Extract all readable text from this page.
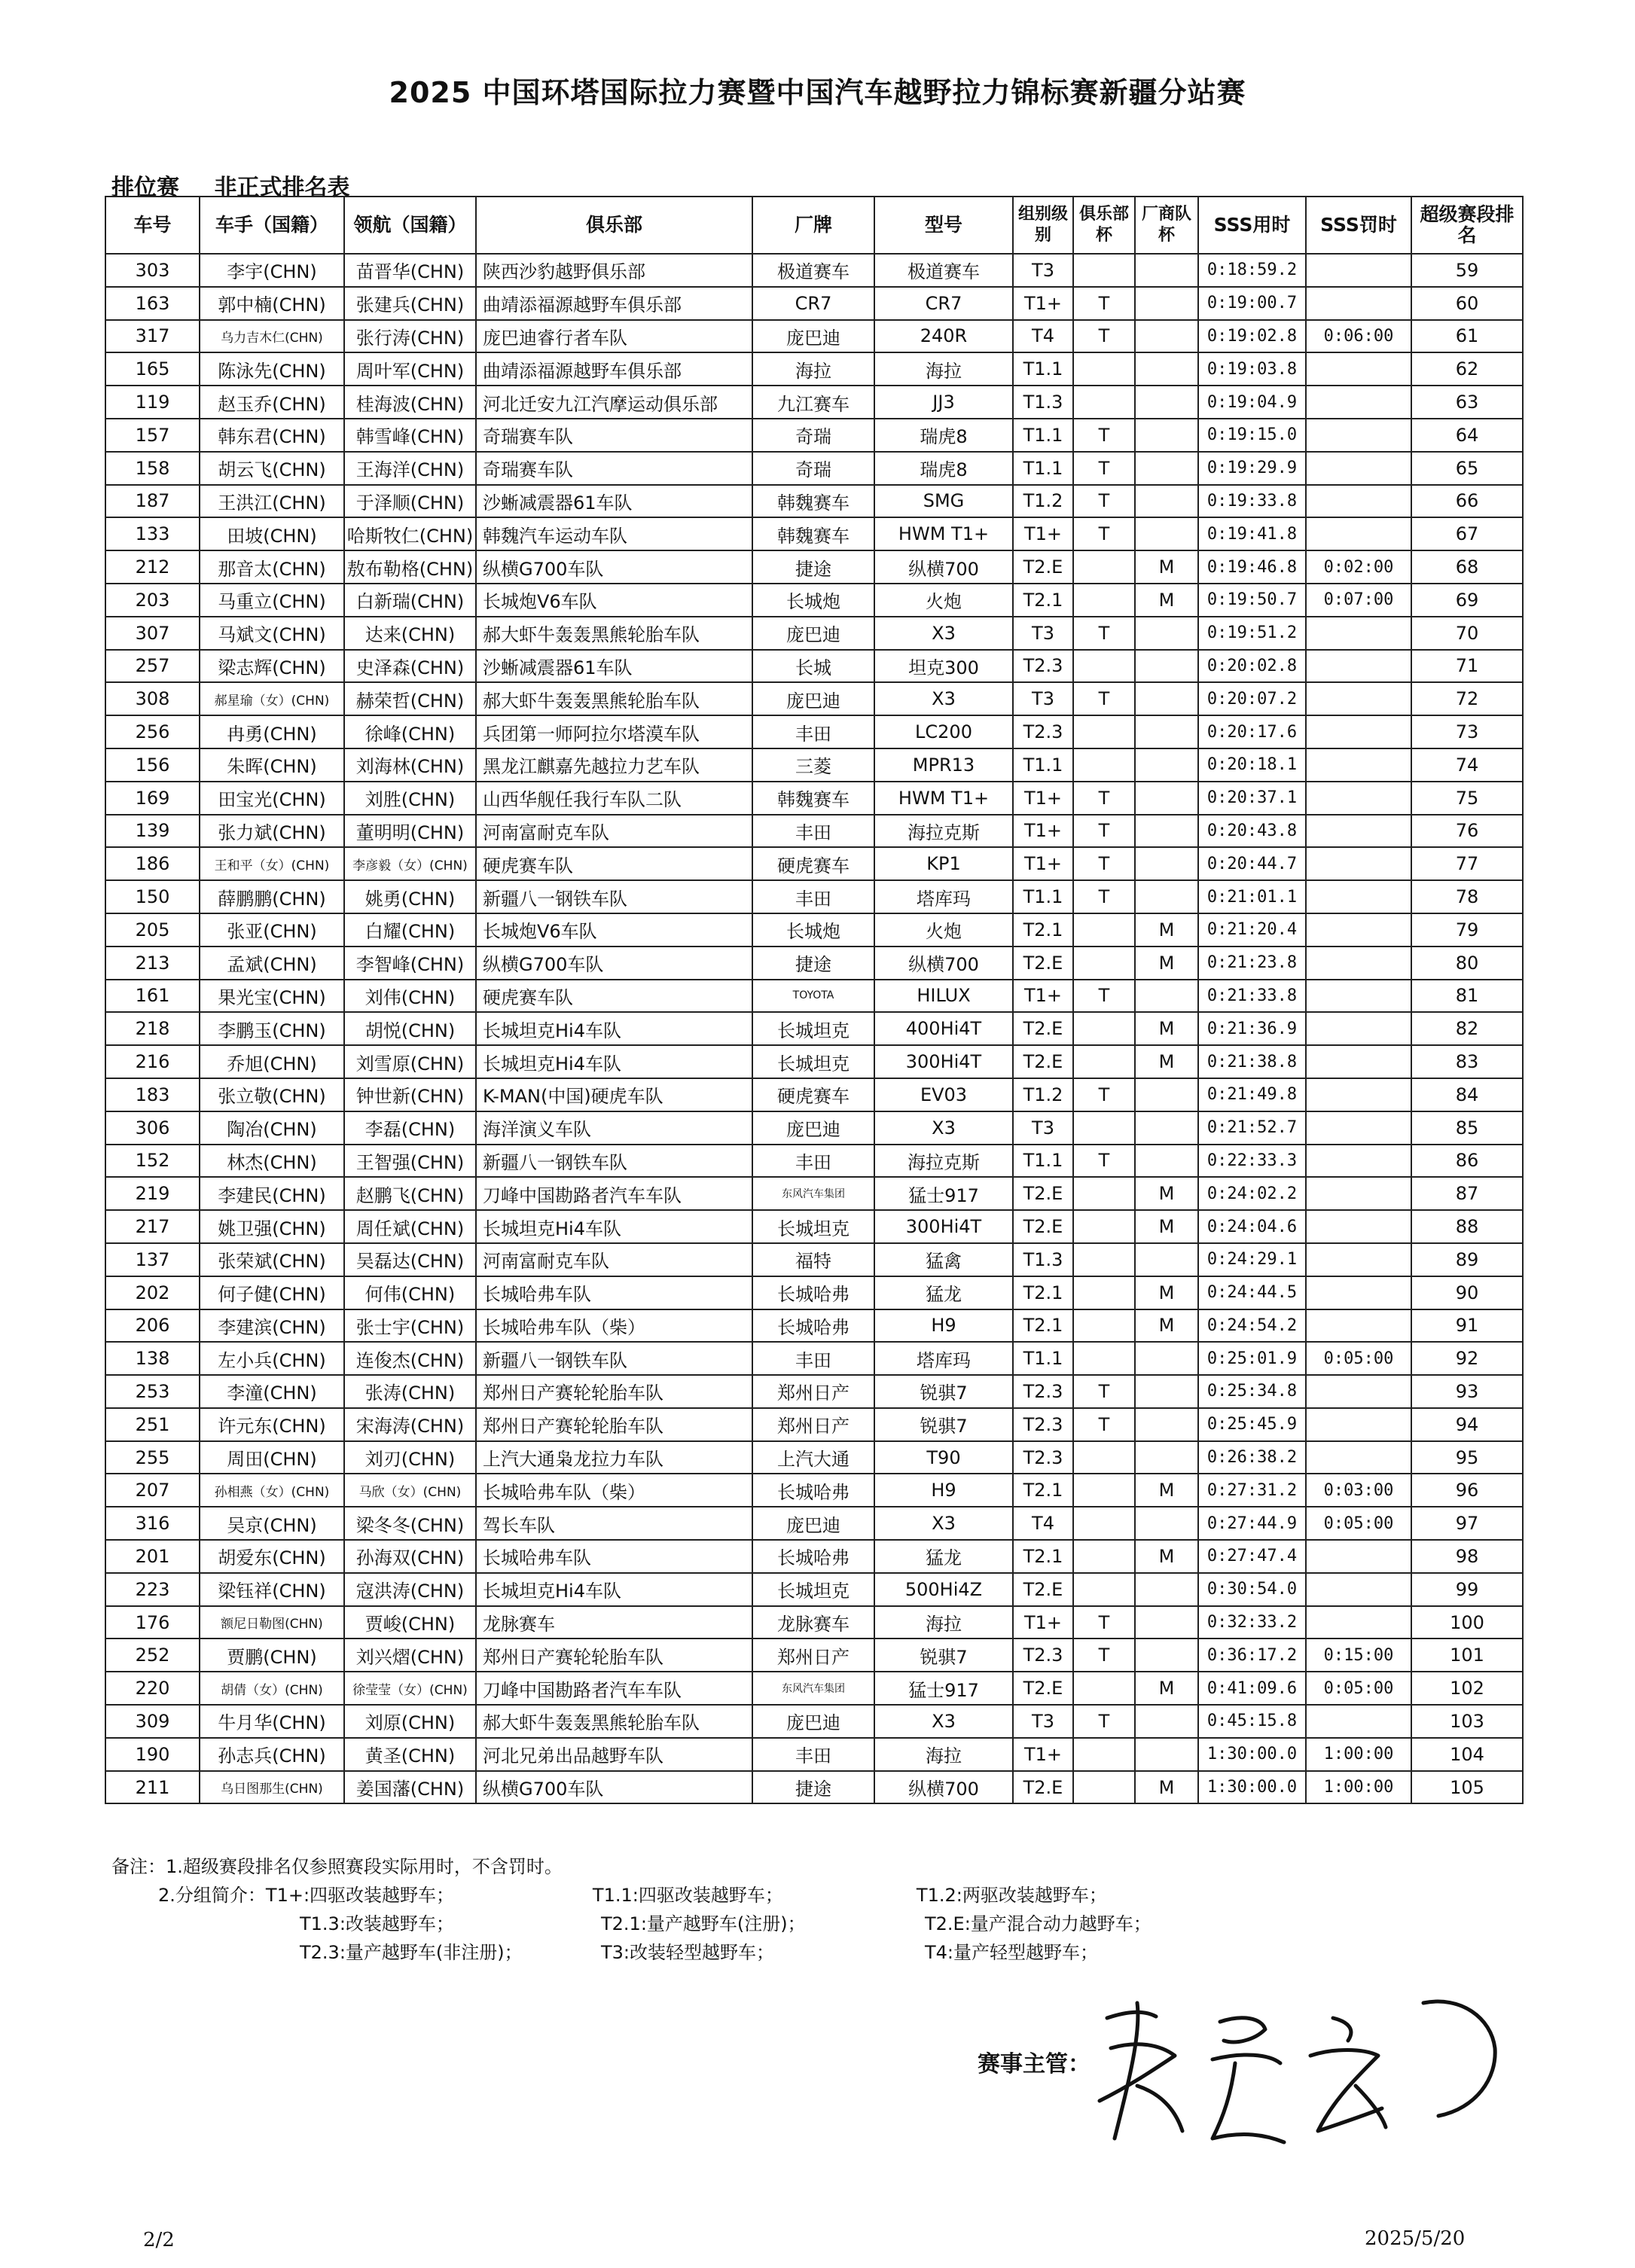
2025 中国环塔国际拉力赛暨中国汽车越野拉力锦标赛新疆分站赛
排位赛 非正式排名表
车号	车手（国籍）	领航（国籍）	俱乐部	厂牌	型号	组别级别	俱乐部杯	厂商队杯	SSS用时	SSS罚时	超级赛段排名
303	李宇(CHN)	苗晋华(CHN)	陕西沙豹越野俱乐部	极道赛车	极道赛车	T3			0:18:59.2		59
163	郭中楠(CHN)	张建兵(CHN)	曲靖添福源越野车俱乐部	CR7	CR7	T1+	T		0:19:00.7		60
317	乌力吉木仁(CHN)	张行涛(CHN)	庞巴迪睿行者车队	庞巴迪	240R	T4	T		0:19:02.8	0:06:00	61
165	陈泳先(CHN)	周叶军(CHN)	曲靖添福源越野车俱乐部	海拉	海拉	T1.1			0:19:03.8		62
119	赵玉乔(CHN)	桂海波(CHN)	河北迁安九江汽摩运动俱乐部	九江赛车	JJ3	T1.3			0:19:04.9		63
157	韩东君(CHN)	韩雪峰(CHN)	奇瑞赛车队	奇瑞	瑞虎8	T1.1	T		0:19:15.0		64
158	胡云飞(CHN)	王海洋(CHN)	奇瑞赛车队	奇瑞	瑞虎8	T1.1	T		0:19:29.9		65
187	王洪江(CHN)	于泽顺(CHN)	沙蜥减震器61车队	韩魏赛车	SMG	T1.2	T		0:19:33.8		66
133	田坡(CHN)	哈斯牧仁(CHN)	韩魏汽车运动车队	韩魏赛车	HWM T1+	T1+	T		0:19:41.8		67
212	那音太(CHN)	敖布勒格(CHN)	纵横G700车队	捷途	纵横700	T2.E		M	0:19:46.8	0:02:00	68
203	马重立(CHN)	白新瑞(CHN)	长城炮V6车队	长城炮	火炮	T2.1		M	0:19:50.7	0:07:00	69
307	马斌文(CHN)	达来(CHN)	郝大虾牛轰轰黑熊轮胎车队	庞巴迪	X3	T3	T		0:19:51.2		70
257	梁志辉(CHN)	史泽森(CHN)	沙蜥减震器61车队	长城	坦克300	T2.3			0:20:02.8		71
308	郝星瑜（女）(CHN)	赫荣哲(CHN)	郝大虾牛轰轰黑熊轮胎车队	庞巴迪	X3	T3	T		0:20:07.2		72
256	冉勇(CHN)	徐峰(CHN)	兵团第一师阿拉尔塔漠车队	丰田	LC200	T2.3			0:20:17.6		73
156	朱晖(CHN)	刘海林(CHN)	黑龙江麒嘉先越拉力艺车队	三菱	MPR13	T1.1			0:20:18.1		74
169	田宝光(CHN)	刘胜(CHN)	山西华舰任我行车队二队	韩魏赛车	HWM T1+	T1+	T		0:20:37.1		75
139	张力斌(CHN)	董明明(CHN)	河南富耐克车队	丰田	海拉克斯	T1+	T		0:20:43.8		76
186	王和平（女）(CHN)	李彦毅（女）(CHN)	硬虎赛车队	硬虎赛车	KP1	T1+	T		0:20:44.7		77
150	薛鹏鹏(CHN)	姚勇(CHN)	新疆八一钢铁车队	丰田	塔库玛	T1.1	T		0:21:01.1		78
205	张亚(CHN)	白耀(CHN)	长城炮V6车队	长城炮	火炮	T2.1		M	0:21:20.4		79
213	孟斌(CHN)	李智峰(CHN)	纵横G700车队	捷途	纵横700	T2.E		M	0:21:23.8		80
161	果光宝(CHN)	刘伟(CHN)	硬虎赛车队	TOYOTA	HILUX	T1+	T		0:21:33.8		81
218	李鹏玉(CHN)	胡悦(CHN)	长城坦克Hi4车队	长城坦克	400Hi4T	T2.E		M	0:21:36.9		82
216	乔旭(CHN)	刘雪原(CHN)	长城坦克Hi4车队	长城坦克	300Hi4T	T2.E		M	0:21:38.8		83
183	张立敬(CHN)	钟世新(CHN)	K-MAN(中国)硬虎车队	硬虎赛车	EV03	T1.2	T		0:21:49.8		84
306	陶冶(CHN)	李磊(CHN)	海洋演义车队	庞巴迪	X3	T3			0:21:52.7		85
152	林杰(CHN)	王智强(CHN)	新疆八一钢铁车队	丰田	海拉克斯	T1.1	T		0:22:33.3		86
219	李建民(CHN)	赵鹏飞(CHN)	刀峰中国勘路者汽车车队	东风汽车集团	猛士917	T2.E		M	0:24:02.2		87
217	姚卫强(CHN)	周任斌(CHN)	长城坦克Hi4车队	长城坦克	300Hi4T	T2.E		M	0:24:04.6		88
137	张荣斌(CHN)	吴磊达(CHN)	河南富耐克车队	福特	猛禽	T1.3			0:24:29.1		89
202	何子健(CHN)	何伟(CHN)	长城哈弗车队	长城哈弗	猛龙	T2.1		M	0:24:44.5		90
206	李建滨(CHN)	张士宇(CHN)	长城哈弗车队（柴）	长城哈弗	H9	T2.1		M	0:24:54.2		91
138	左小兵(CHN)	连俊杰(CHN)	新疆八一钢铁车队	丰田	塔库玛	T1.1			0:25:01.9	0:05:00	92
253	李潼(CHN)	张涛(CHN)	郑州日产赛轮轮胎车队	郑州日产	锐骐7	T2.3	T		0:25:34.8		93
251	许元东(CHN)	宋海涛(CHN)	郑州日产赛轮轮胎车队	郑州日产	锐骐7	T2.3	T		0:25:45.9		94
255	周田(CHN)	刘刃(CHN)	上汽大通枭龙拉力车队	上汽大通	T90	T2.3			0:26:38.2		95
207	孙相燕（女）(CHN)	马欣（女）(CHN)	长城哈弗车队（柴）	长城哈弗	H9	T2.1		M	0:27:31.2	0:03:00	96
316	吴京(CHN)	梁冬冬(CHN)	驾长车队	庞巴迪	X3	T4			0:27:44.9	0:05:00	97
201	胡爱东(CHN)	孙海双(CHN)	长城哈弗车队	长城哈弗	猛龙	T2.1		M	0:27:47.4		98
223	梁钰祥(CHN)	寇洪涛(CHN)	长城坦克Hi4车队	长城坦克	500Hi4Z	T2.E			0:30:54.0		99
176	额尼日勒图(CHN)	贾峻(CHN)	龙脉赛车	龙脉赛车	海拉	T1+	T		0:32:33.2		100
252	贾鹏(CHN)	刘兴熠(CHN)	郑州日产赛轮轮胎车队	郑州日产	锐骐7	T2.3	T		0:36:17.2	0:15:00	101
220	胡倩（女）(CHN)	徐莹莹（女）(CHN)	刀峰中国勘路者汽车车队	东风汽车集团	猛士917	T2.E		M	0:41:09.6	0:05:00	102
309	牛月华(CHN)	刘原(CHN)	郝大虾牛轰轰黑熊轮胎车队	庞巴迪	X3	T3	T		0:45:15.8		103
190	孙志兵(CHN)	黄圣(CHN)	河北兄弟出品越野车队	丰田	海拉	T1+			1:30:00.0	1:00:00	104
211	乌日图那生(CHN)	姜国藩(CHN)	纵横G700车队	捷途	纵横700	T2.E		M	1:30:00.0	1:00:00	105
备注：1.超级赛段排名仅参照赛段实际用时，不含罚时。
2.分组简介：T1+:四驱改装越野车；	T1.1:四驱改装越野车；	T1.2:两驱改装越野车；
T1.3:改装越野车；	T2.1:量产越野车(注册)；	T2.E:量产混合动力越野车；
T2.3:量产越野车(非注册)；	T3:改装轻型越野车；	T4:量产轻型越野车；
赛事主管：
2/2	2025/5/20
